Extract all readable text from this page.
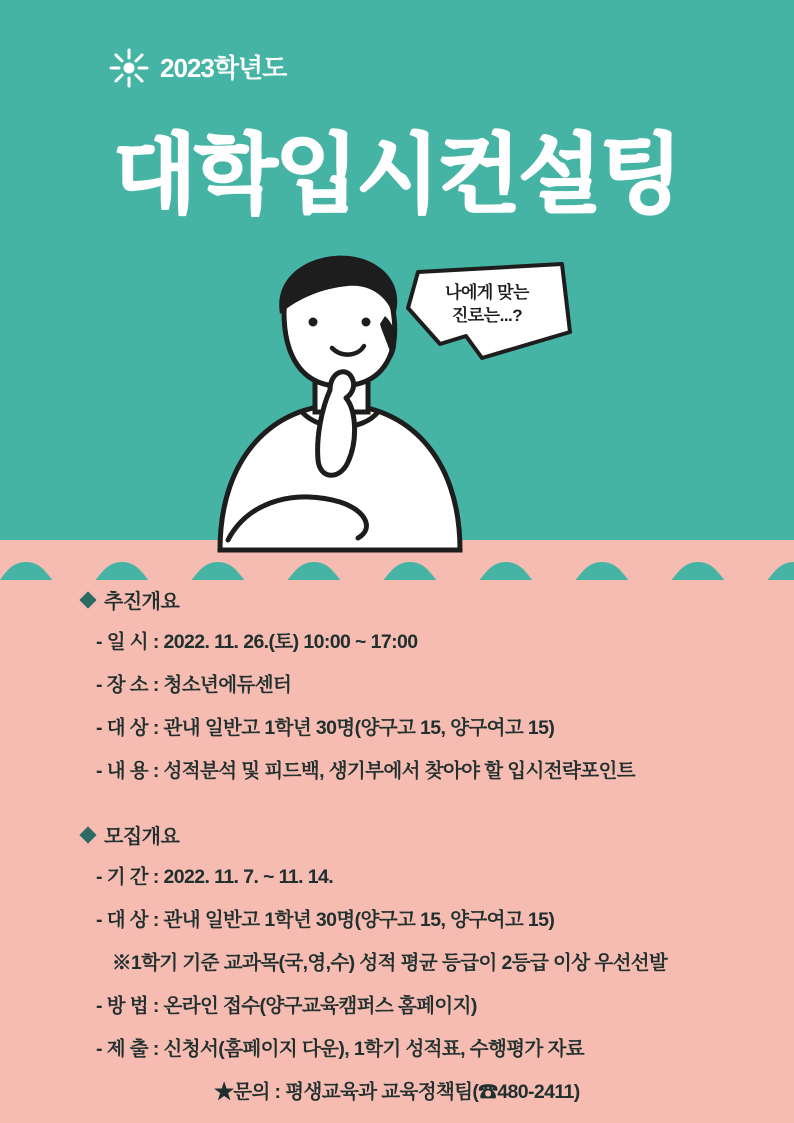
2023학년도
대학입시컨설팅
나에게 맞는
진로는...?
추진개요
- 일 시 : 2022. 11. 26.(토) 10:00 ~ 17:00
- 장 소 : 청소년에듀센터
- 대 상 : 관내 일반고 1학년 30명(양구고 15, 양구여고 15)
- 내 용 : 성적분석 및 피드백, 생기부에서 찾아야 할 입시전략포인트
모집개요
- 기 간 : 2022. 11. 7. ~ 11. 14.
- 대 상 : 관내 일반고 1학년 30명(양구고 15, 양구여고 15)
※1학기 기준 교과목(국,영,수) 성적 평균 등급이 2등급 이상 우선선발
- 방 법 : 온라인 접수(양구교육캠퍼스 홈페이지)
- 제 출 : 신청서(홈페이지 다운), 1학기 성적표, 수행평가 자료
★문의 : 평생교육과 교육정책팀(☎480-2411)
